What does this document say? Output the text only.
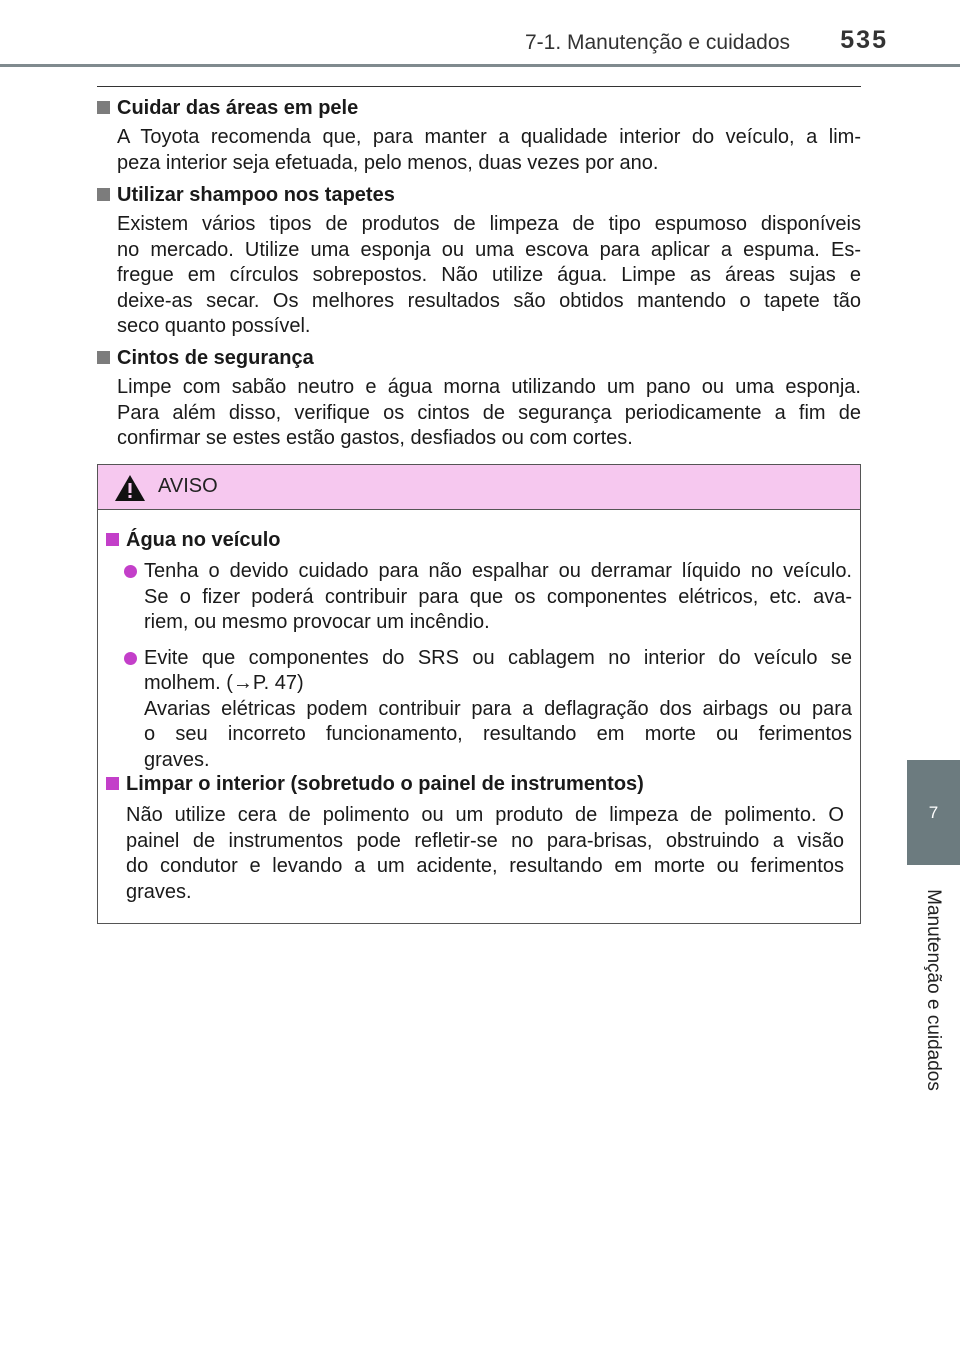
7-1. Manutenção e cuidados 535
7
Manutenção e cuidados
Cuidar das áreas em pele
A Toyota recomenda que, para manter a qualidade interior do veículo, a lim-
peza interior seja efetuada, pelo menos, duas vezes por ano.
Utilizar shampoo nos tapetes
Existem vários tipos de produtos de limpeza de tipo espumoso disponíveis
no mercado. Utilize uma esponja ou uma escova para aplicar a espuma. Es-
fregue em círculos sobrepostos. Não utilize água. Limpe as áreas sujas e
deixe-as secar. Os melhores resultados são obtidos mantendo o tapete tão
seco quanto possível.
Cintos de segurança
Limpe com sabão neutro e água morna utilizando um pano ou uma esponja.
Para além disso, verifique os cintos de segurança periodicamente a fim de
confirmar se estes estão gastos, desfiados ou com cortes.
AVISO
Água no veículo
Tenha o devido cuidado para não espalhar ou derramar líquido no veículo.
Se o fizer poderá contribuir para que os componentes elétricos, etc. ava-
riem, ou mesmo provocar um incêndio.
Evite que componentes do SRS ou cablagem no interior do veículo se
molhem. (→P. 47)
Avarias elétricas podem contribuir para a deflagração dos airbags ou para
o seu incorreto funcionamento, resultando em morte ou ferimentos
graves.
Limpar o interior (sobretudo o painel de instrumentos)
Não utilize cera de polimento ou um produto de limpeza de polimento. O
painel de instrumentos pode refletir-se no para-brisas, obstruindo a visão
do condutor e levando a um acidente, resultando em morte ou ferimentos
graves.
